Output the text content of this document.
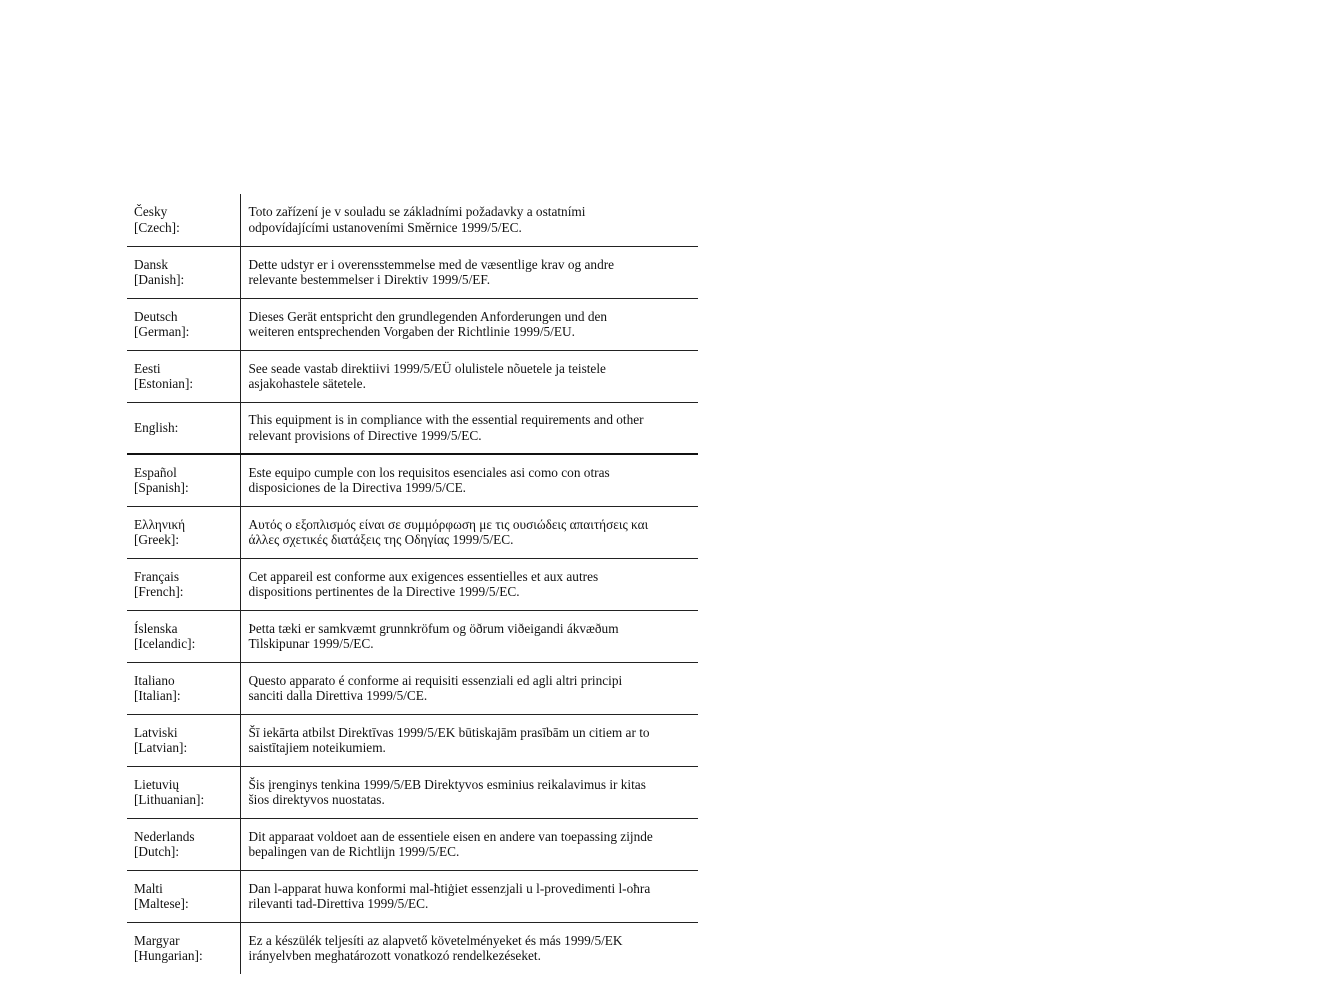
Česky
[Czech]:	Toto zařízení je v souladu se základními požadavky a ostatními
odpovídajícími ustanoveními Směrnice 1999/5/EC.

Dansk
[Danish]:	Dette udstyr er i overensstemmelse med de væsentlige krav og andre
relevante bestemmelser i Direktiv 1999/5/EF.

Deutsch
[German]:	Dieses Gerät entspricht den grundlegenden Anforderungen und den
weiteren entsprechenden Vorgaben der Richtlinie 1999/5/EU.

Eesti
[Estonian]:	See seade vastab direktiivi 1999/5/EÜ olulistele nõuetele ja teistele
asjakohastele sätetele.

English:	This equipment is in compliance with the essential requirements and other
relevant provisions of Directive 1999/5/EC.

Español
[Spanish]:	Este equipo cumple con los requisitos esenciales asi como con otras
disposiciones de la Directiva 1999/5/CE.

Ελληνική
[Greek]:	Αυτός ο εξοπλισμός είναι σε συμμόρφωση με τις ουσιώδεις απαιτήσεις και
άλλες σχετικές διατάξεις της Οδηγίας 1999/5/EC.

Français
[French]:	Cet appareil est conforme aux exigences essentielles et aux autres
dispositions pertinentes de la Directive 1999/5/EC.

Íslenska
[Icelandic]:	Þetta tæki er samkvæmt grunnkröfum og öðrum viðeigandi ákvæðum
Tilskipunar 1999/5/EC.

Italiano
[Italian]:	Questo apparato é conforme ai requisiti essenziali ed agli altri principi
sanciti dalla Direttiva 1999/5/CE.

Latviski
[Latvian]:	Šī iekārta atbilst Direktīvas 1999/5/EK būtiskajām prasībām un citiem ar to
saistītajiem noteikumiem.

Lietuvių
[Lithuanian]:	Šis įrenginys tenkina 1999/5/EB Direktyvos esminius reikalavimus ir kitas
šios direktyvos nuostatas.

Nederlands
[Dutch]:	Dit apparaat voldoet aan de essentiele eisen en andere van toepassing zijnde
bepalingen van de Richtlijn 1999/5/EC.

Malti
[Maltese]:	Dan l-apparat huwa konformi mal-ħtiġiet essenzjali u l-provedimenti l-oħra
rilevanti tad-Direttiva 1999/5/EC.

Margyar
[Hungarian]:	Ez a készülék teljesíti az alapvető követelményeket és más 1999/5/EK
irányelvben meghatározott vonatkozó rendelkezéseket.
